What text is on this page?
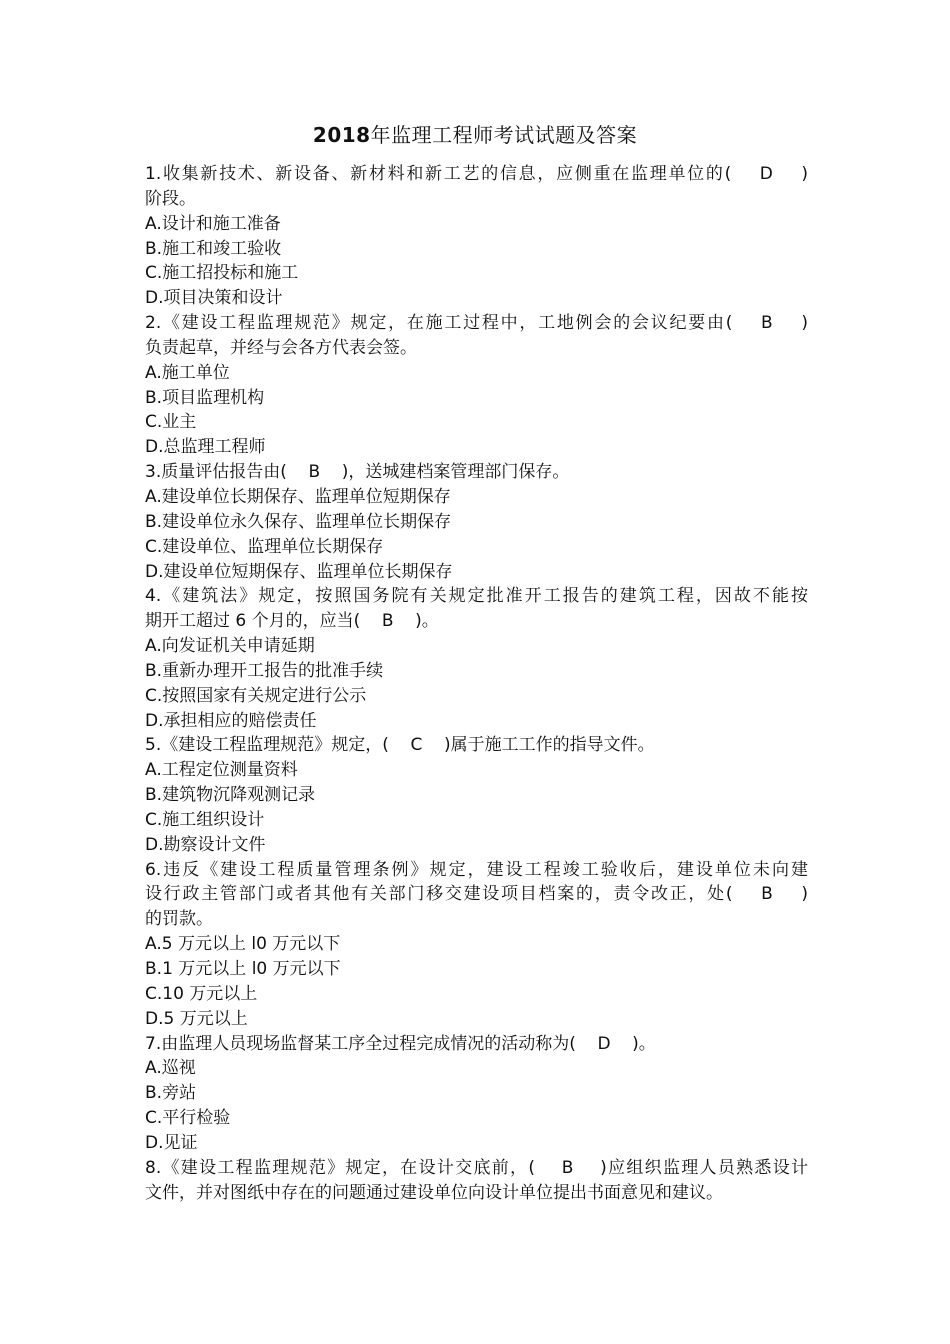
2018年监理工程师考试试题及答案
1.收集新技术、新设备、新材料和新工艺的信息，应侧重在监理单位的(    D    )
阶段。
A.设计和施工准备
B.施工和竣工验收
C.施工招投标和施工
D.项目决策和设计
2.《建设工程监理规范》规定，在施工过程中，工地例会的会议纪要由(    B    )
负责起草，并经与会各方代表会签。
A.施工单位
B.项目监理机构
C.业主
D.总监理工程师
3.质量评估报告由(    B    )，送城建档案管理部门保存。
A.建设单位长期保存、监理单位短期保存
B.建设单位永久保存、监理单位长期保存
C.建设单位、监理单位长期保存
D.建设单位短期保存、监理单位长期保存
4.《建筑法》规定，按照国务院有关规定批准开工报告的建筑工程，因故不能按
期开工超过 6 个月的，应当(    B    )。
A.向发证机关申请延期
B.重新办理开工报告的批准手续
C.按照国家有关规定进行公示
D.承担相应的赔偿责任
5.《建设工程监理规范》规定，(    C    )属于施工工作的指导文件。
A.工程定位测量资料
B.建筑物沉降观测记录
C.施工组织设计
D.勘察设计文件
6.违反《建设工程质量管理条例》规定，建设工程竣工验收后，建设单位未向建
设行政主管部门或者其他有关部门移交建设项目档案的，责令改正，处(    B    )
的罚款。
A.5 万元以上 l0 万元以下
B.1 万元以上 l0 万元以下
C.10 万元以上
D.5 万元以上
7.由监理人员现场监督某工序全过程完成情况的活动称为(    D    )。
A.巡视
B.旁站
C.平行检验
D.见证
8.《建设工程监理规范》规定，在设计交底前，(    B    )应组织监理人员熟悉设计
文件，并对图纸中存在的问题通过建设单位向设计单位提出书面意见和建议。
